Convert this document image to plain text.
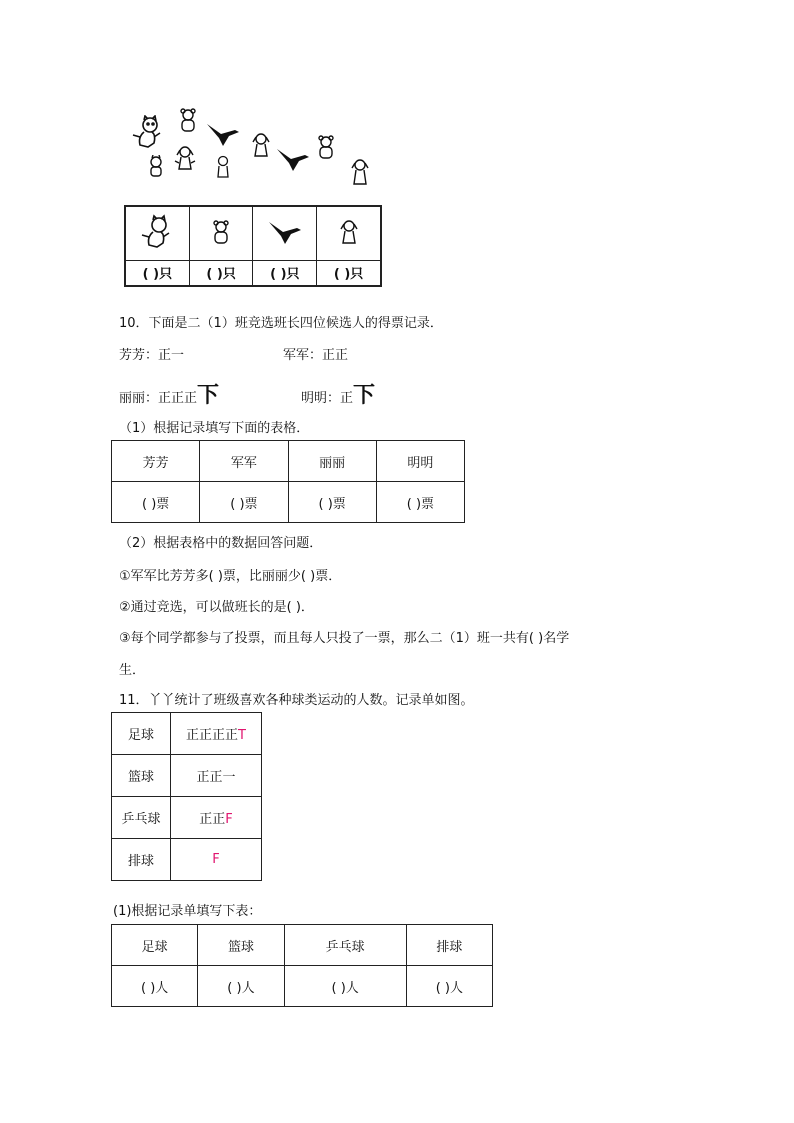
( )只	( )只	( )只	( )只
10．下面是二（1）班竞选班长四位候选人的得票记录．
芳芳：正一	军军：正正
丽丽：正正正下	明明：正下
（1）根据记录填写下面的表格．
芳芳	军军	丽丽	明明
( )票	( )票	( )票	( )票
（2）根据表格中的数据回答问题．
①军军比芳芳多( )票，比丽丽少( )票．
②通过竞选，可以做班长的是( )．
③每个同学都参与了投票，而且每人只投了一票，那么二（1）班一共有( )名学
生．
11．丫丫统计了班级喜欢各种球类运动的人数。记录单如图。
足球	正正正正T
篮球	正正一
乒乓球	正正F
排球	F
(1)根据记录单填写下表：
足球	篮球	乒乓球	排球
( )人	( )人	( )人	( )人
